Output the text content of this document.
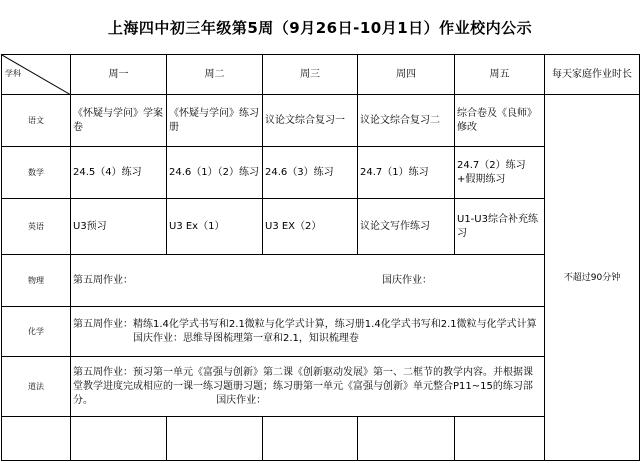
上海四中初三年级第5周（9月26日-10月1日）作业校内公示
学科	周一	周二	周三	周四	周五	每天家庭作业时长
语文	《怀疑与学问》学案卷	《怀疑与学问》练习册	议论文综合复习一	议论文综合复习二	综合卷及《良师》修改	不超过90分钟
数学	24.5（4）练习	24.6（1）（2）练习	24.6（3）练习	24.7（1）练习	24.7（2）练习+假期练习	
英语	U3预习	U3 Ex（1）	U3 EX（2）	议论文写作练习	U1-U3综合补充练习	
物理	第五周作业： 国庆作业：					

化学	第五周作业：精练1.4化学式书写和2.1微粒与化学式计算，练习册1.4化学式书写和2.1微粒与化学式计算 国庆作业：思维导图梳理第一章和2.1，知识梳理卷					
道法	第五周作业：预习第一单元《富强与创新》第二课《创新驱动发展》第一、二框节的教学内容。并根据课堂教学进度完成相应的一课一练习题册习题；练习册第一单元《富强与创新》单元整合P11~15的练习部分。 国庆作业：					
